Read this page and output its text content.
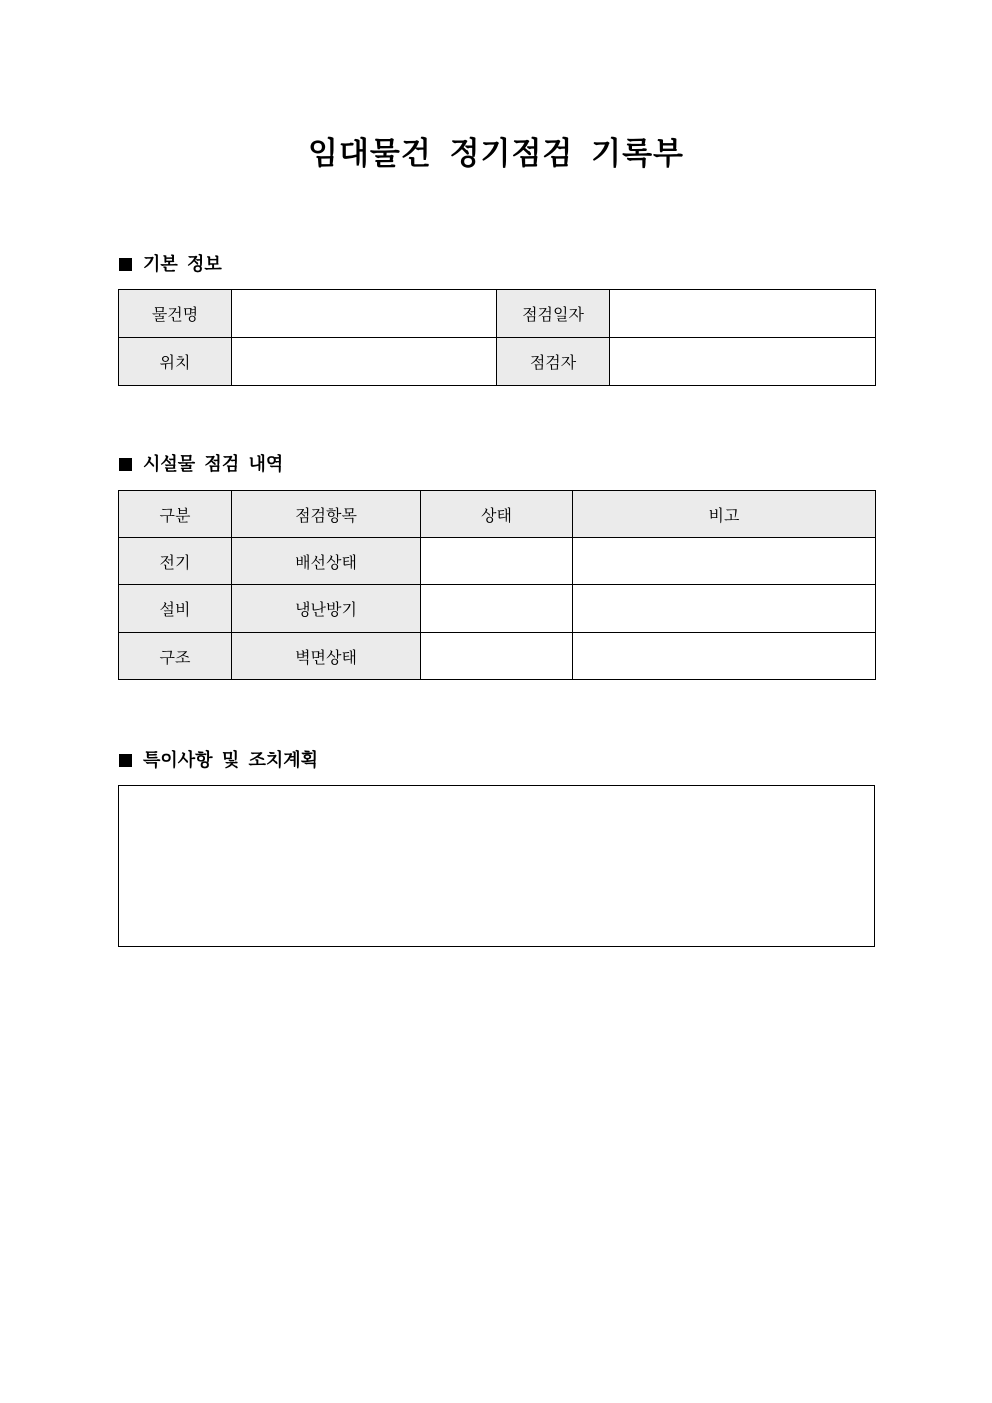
임대물건 정기점검 기록부
기본 정보
물건명		점검일자	
위치		점검자	
시설물 점검 내역
구분	점검항목	상태	비고
전기	배선상태		
설비	냉난방기		
구조	벽면상태		
특이사항 및 조치계획
